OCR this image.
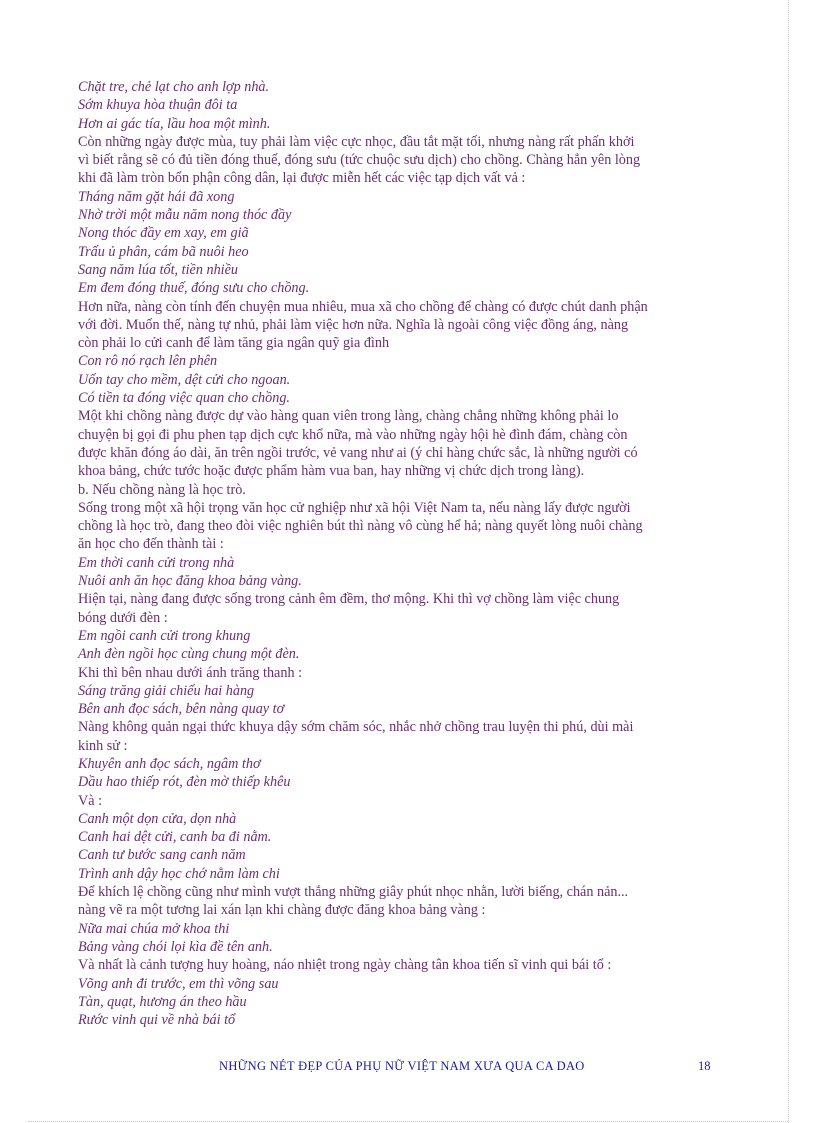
Chặt tre, chẻ lạt cho anh lợp nhà.

Sớm khuya hòa thuận đôi ta

Hơn ai gác tía, lầu hoa một mình.

Còn những ngày được mùa, tuy phải làm việc cực nhọc, đầu tắt mặt tối, nhưng nàng rất phấn khởi

vì biết rằng sẽ có đủ tiền đóng thuế, đóng sưu (tức chuộc sưu dịch) cho chồng. Chàng hẳn yên lòng

khi đã làm tròn bổn phận công dân, lại được miễn hết các việc tạp dịch vất vả :

Tháng năm gặt hái đã xong

Nhờ trời một mẫu năm nong thóc đầy

Nong thóc đầy em xay, em giã

Trấu ủ phân, cám bã nuôi heo

Sang năm lúa tốt, tiền nhiều

Em đem đóng thuế, đóng sưu cho chồng.

Hơn nữa, nàng còn tính đến chuyện mua nhiêu, mua xã cho chồng để chàng có được chút danh phận

với đời. Muốn thế, nàng tự nhủ, phải làm việc hơn nữa. Nghĩa là ngoài công việc đồng áng, nàng

còn phải lo cửi canh để làm tăng gia ngân quỹ gia đình

Con rô nó rạch lên phên

Uốn tay cho mềm, dệt cửi cho ngoan.

Có tiền ta đóng việc quan cho chồng.

Một khi chồng nàng được dự vào hàng quan viên trong làng, chàng chẳng những không phải lo

chuyện bị gọi đi phu phen tạp dịch cực khổ nữa, mà vào những ngày hội hè đình đám, chàng còn

được khăn đóng áo dài, ăn trên ngồi trước, vẻ vang như ai (ý chỉ hàng chức sắc, là những người có

khoa bảng, chức tước hoặc được phẩm hàm vua ban, hay những vị chức dịch trong làng).

b. Nếu chồng nàng là học trò.

Sống trong một xã hội trọng văn học cử nghiệp như xã hội Việt Nam ta, nếu nàng lấy được người

chồng là học trò, đang theo đòi việc nghiên bút thì nàng vô cùng hể hả; nàng quyết lòng nuôi chàng

ăn học cho đến thành tài :

Em thời canh cửi trong nhà

Nuôi anh ăn học đăng khoa bảng vàng.

Hiện tại, nàng đang được sống trong cảnh êm đềm, thơ mộng. Khi thì vợ chồng làm việc chung

bóng dưới đèn :

Em ngồi canh cửi trong khung

Anh đèn ngồi học cùng chung một đèn.

Khi thì bên nhau dưới ánh trăng thanh :

Sáng trăng giải chiếu hai hàng

Bên anh đọc sách, bên nàng quay tơ

Nàng không quản ngại thức khuya dậy sớm chăm sóc, nhắc nhở chồng trau luyện thi phú, dùi mài

kinh sử :

Khuyên anh đọc sách, ngâm thơ

Dầu hao thiếp rót, đèn mờ thiếp khêu

Và :

Canh một dọn cửa, dọn nhà

Canh hai dệt cửi, canh ba đi nằm.

Canh tư bước sang canh năm

Trình anh dậy học chớ nằm làm chi

Để khích lệ chồng cũng như mình vượt thắng những giây phút nhọc nhằn, lười biếng, chán nản...

nàng vẽ ra một tương lai xán lạn khi chàng được đăng khoa bảng vàng :

Nữa mai chúa mở khoa thi

Bảng vàng chói lọi kìa đề tên anh.

Và nhất là cảnh tượng huy hoàng, náo nhiệt trong ngày chàng tân khoa tiến sĩ vinh qui bái tổ :

Võng anh đi trước, em thì võng sau

Tàn, quạt, hương án theo hầu

Rước vinh qui về nhà bái tổ

NHỮNG NÉT ĐẸP CỦA PHỤ NỮ VIỆT NAM XƯA QUA CA DAO	18
